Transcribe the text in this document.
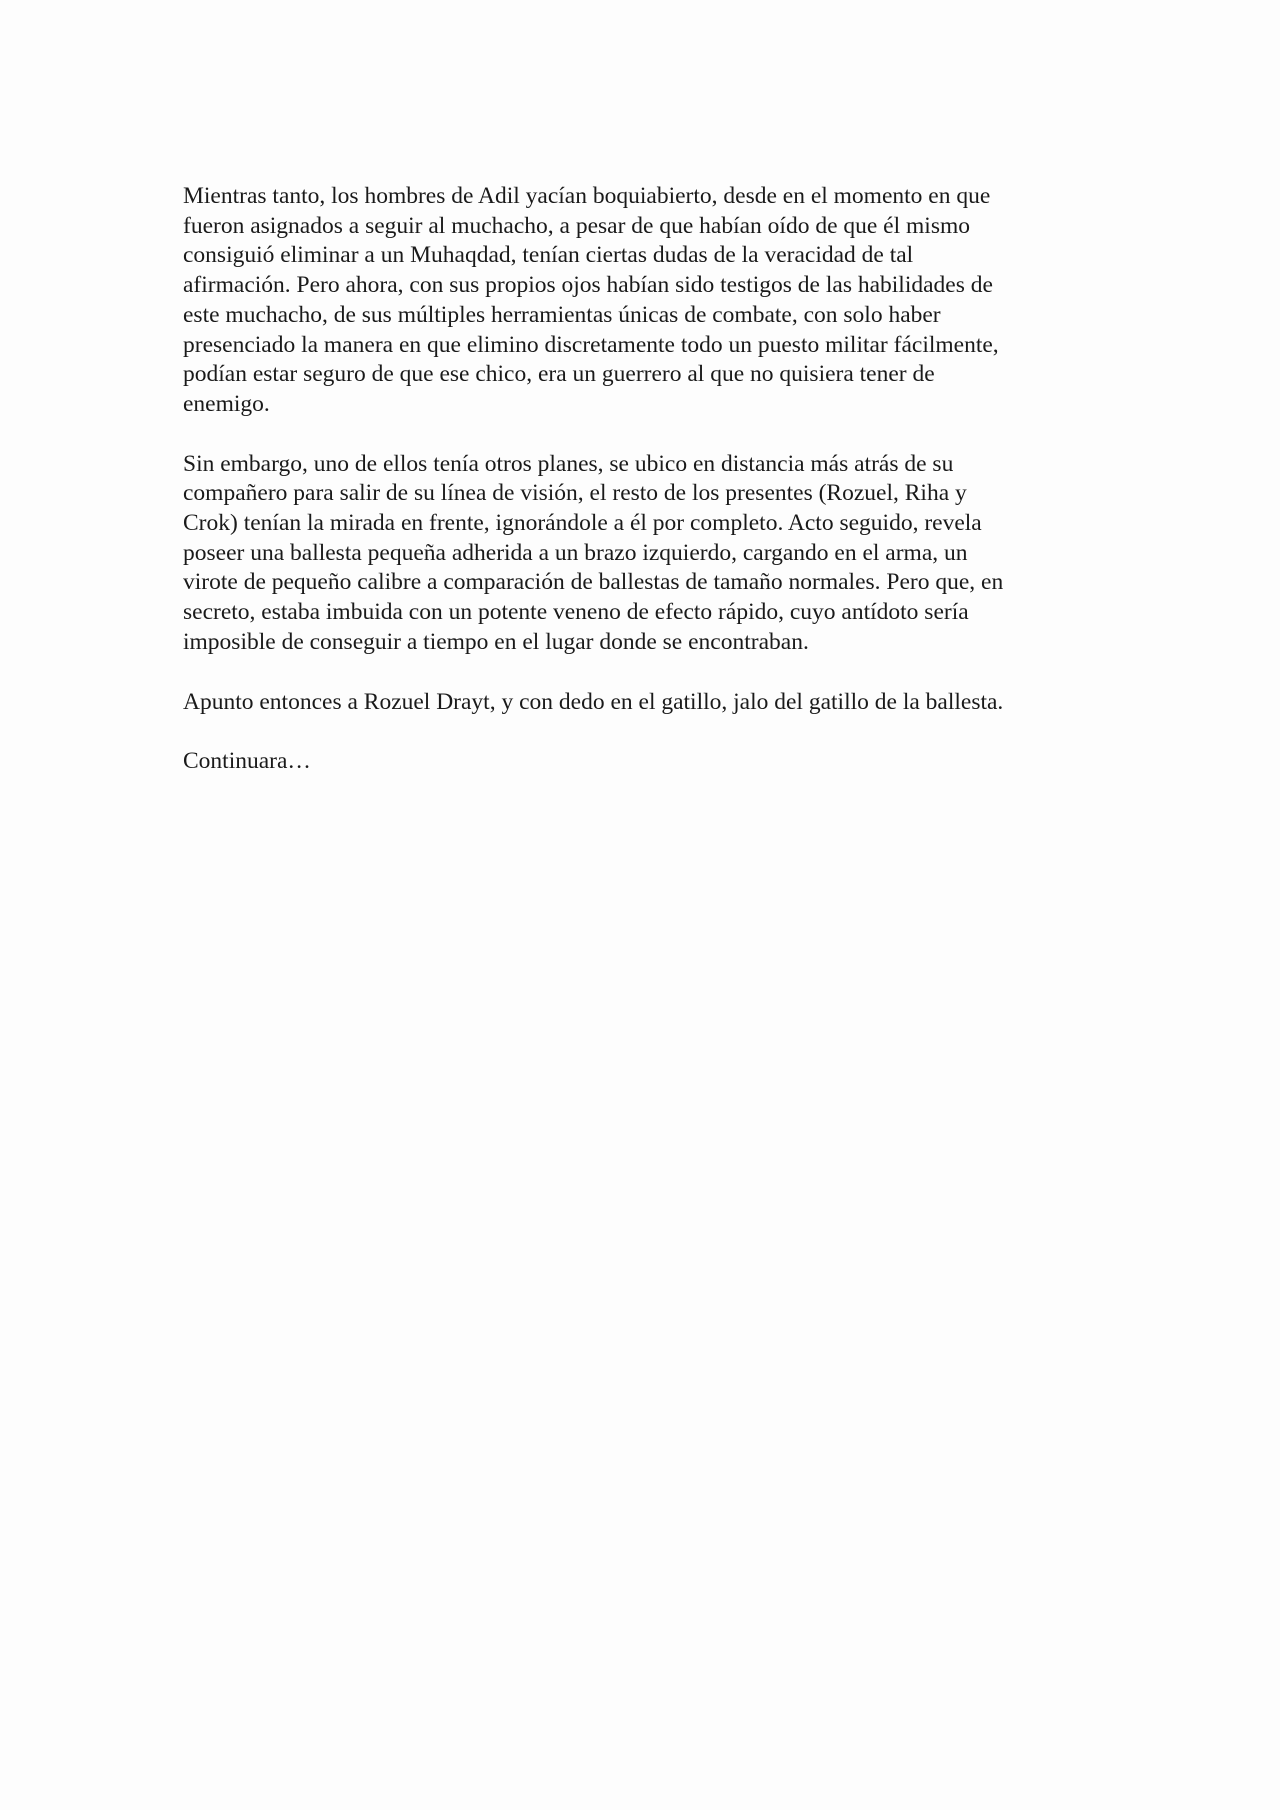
Mientras tanto, los hombres de Adil yacían boquiabierto, desde en el momento en que
fueron asignados a seguir al muchacho, a pesar de que habían oído de que él mismo
consiguió eliminar a un Muhaqdad, tenían ciertas dudas de la veracidad de tal
afirmación. Pero ahora, con sus propios ojos habían sido testigos de las habilidades de
este muchacho, de sus múltiples herramientas únicas de combate, con solo haber
presenciado la manera en que elimino discretamente todo un puesto militar fácilmente,
podían estar seguro de que ese chico, era un guerrero al que no quisiera tener de
enemigo.

Sin embargo, uno de ellos tenía otros planes, se ubico en distancia más atrás de su
compañero para salir de su línea de visión, el resto de los presentes (Rozuel, Riha y
Crok) tenían la mirada en frente, ignorándole a él por completo. Acto seguido, revela
poseer una ballesta pequeña adherida a un brazo izquierdo, cargando en el arma, un
virote de pequeño calibre a comparación de ballestas de tamaño normales. Pero que, en
secreto, estaba imbuida con un potente veneno de efecto rápido, cuyo antídoto sería
imposible de conseguir a tiempo en el lugar donde se encontraban.

Apunto entonces a Rozuel Drayt, y con dedo en el gatillo, jalo del gatillo de la ballesta.

Continuara…
